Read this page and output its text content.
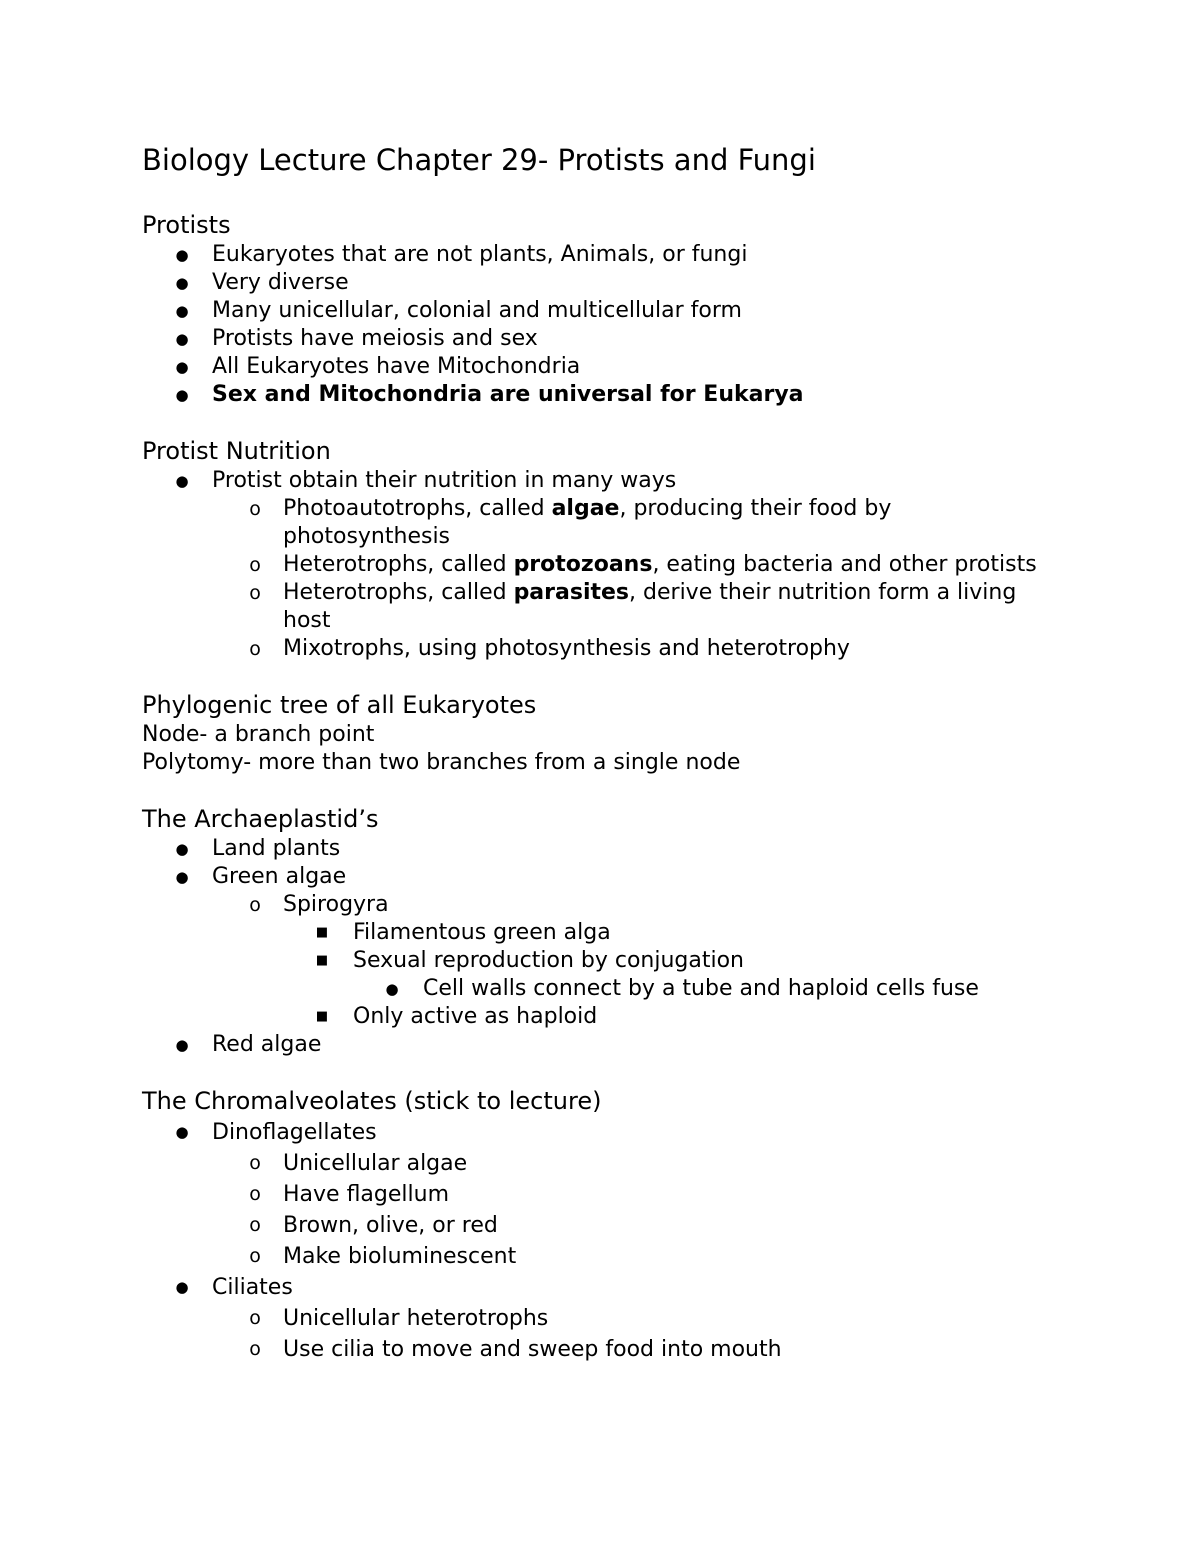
Biology Lecture Chapter 29- Protists and Fungi
Protists
● Eukaryotes that are not plants, Animals, or fungi
● Very diverse
● Many unicellular, colonial and multicellular form
● Protists have meiosis and sex
● All Eukaryotes have Mitochondria
● Sex and Mitochondria are universal for Eukarya
Protist Nutrition
● Protist obtain their nutrition in many ways
o Photoautotrophs, called algae, producing their food by photosynthesis
o Heterotrophs, called protozoans, eating bacteria and other protists
o Heterotrophs, called parasites, derive their nutrition form a living host
o Mixotrophs, using photosynthesis and heterotrophy
Phylogenic tree of all Eukaryotes

Node- a branch point

Polytomy- more than two branches from a single node

The Archaeplastid’s
● Land plants
● Green algae
o Spirogyra
■ Filamentous green alga
■ Sexual reproduction by conjugation
● Cell walls connect by a tube and haploid cells fuse
■ Only active as haploid
● Red algae
The Chromalveolates (stick to lecture)
● Dinoflagellates
o Unicellular algae
o Have flagellum
o Brown, olive, or red
o Make bioluminescent
● Ciliates
o Unicellular heterotrophs
o Use cilia to move and sweep food into mouth
